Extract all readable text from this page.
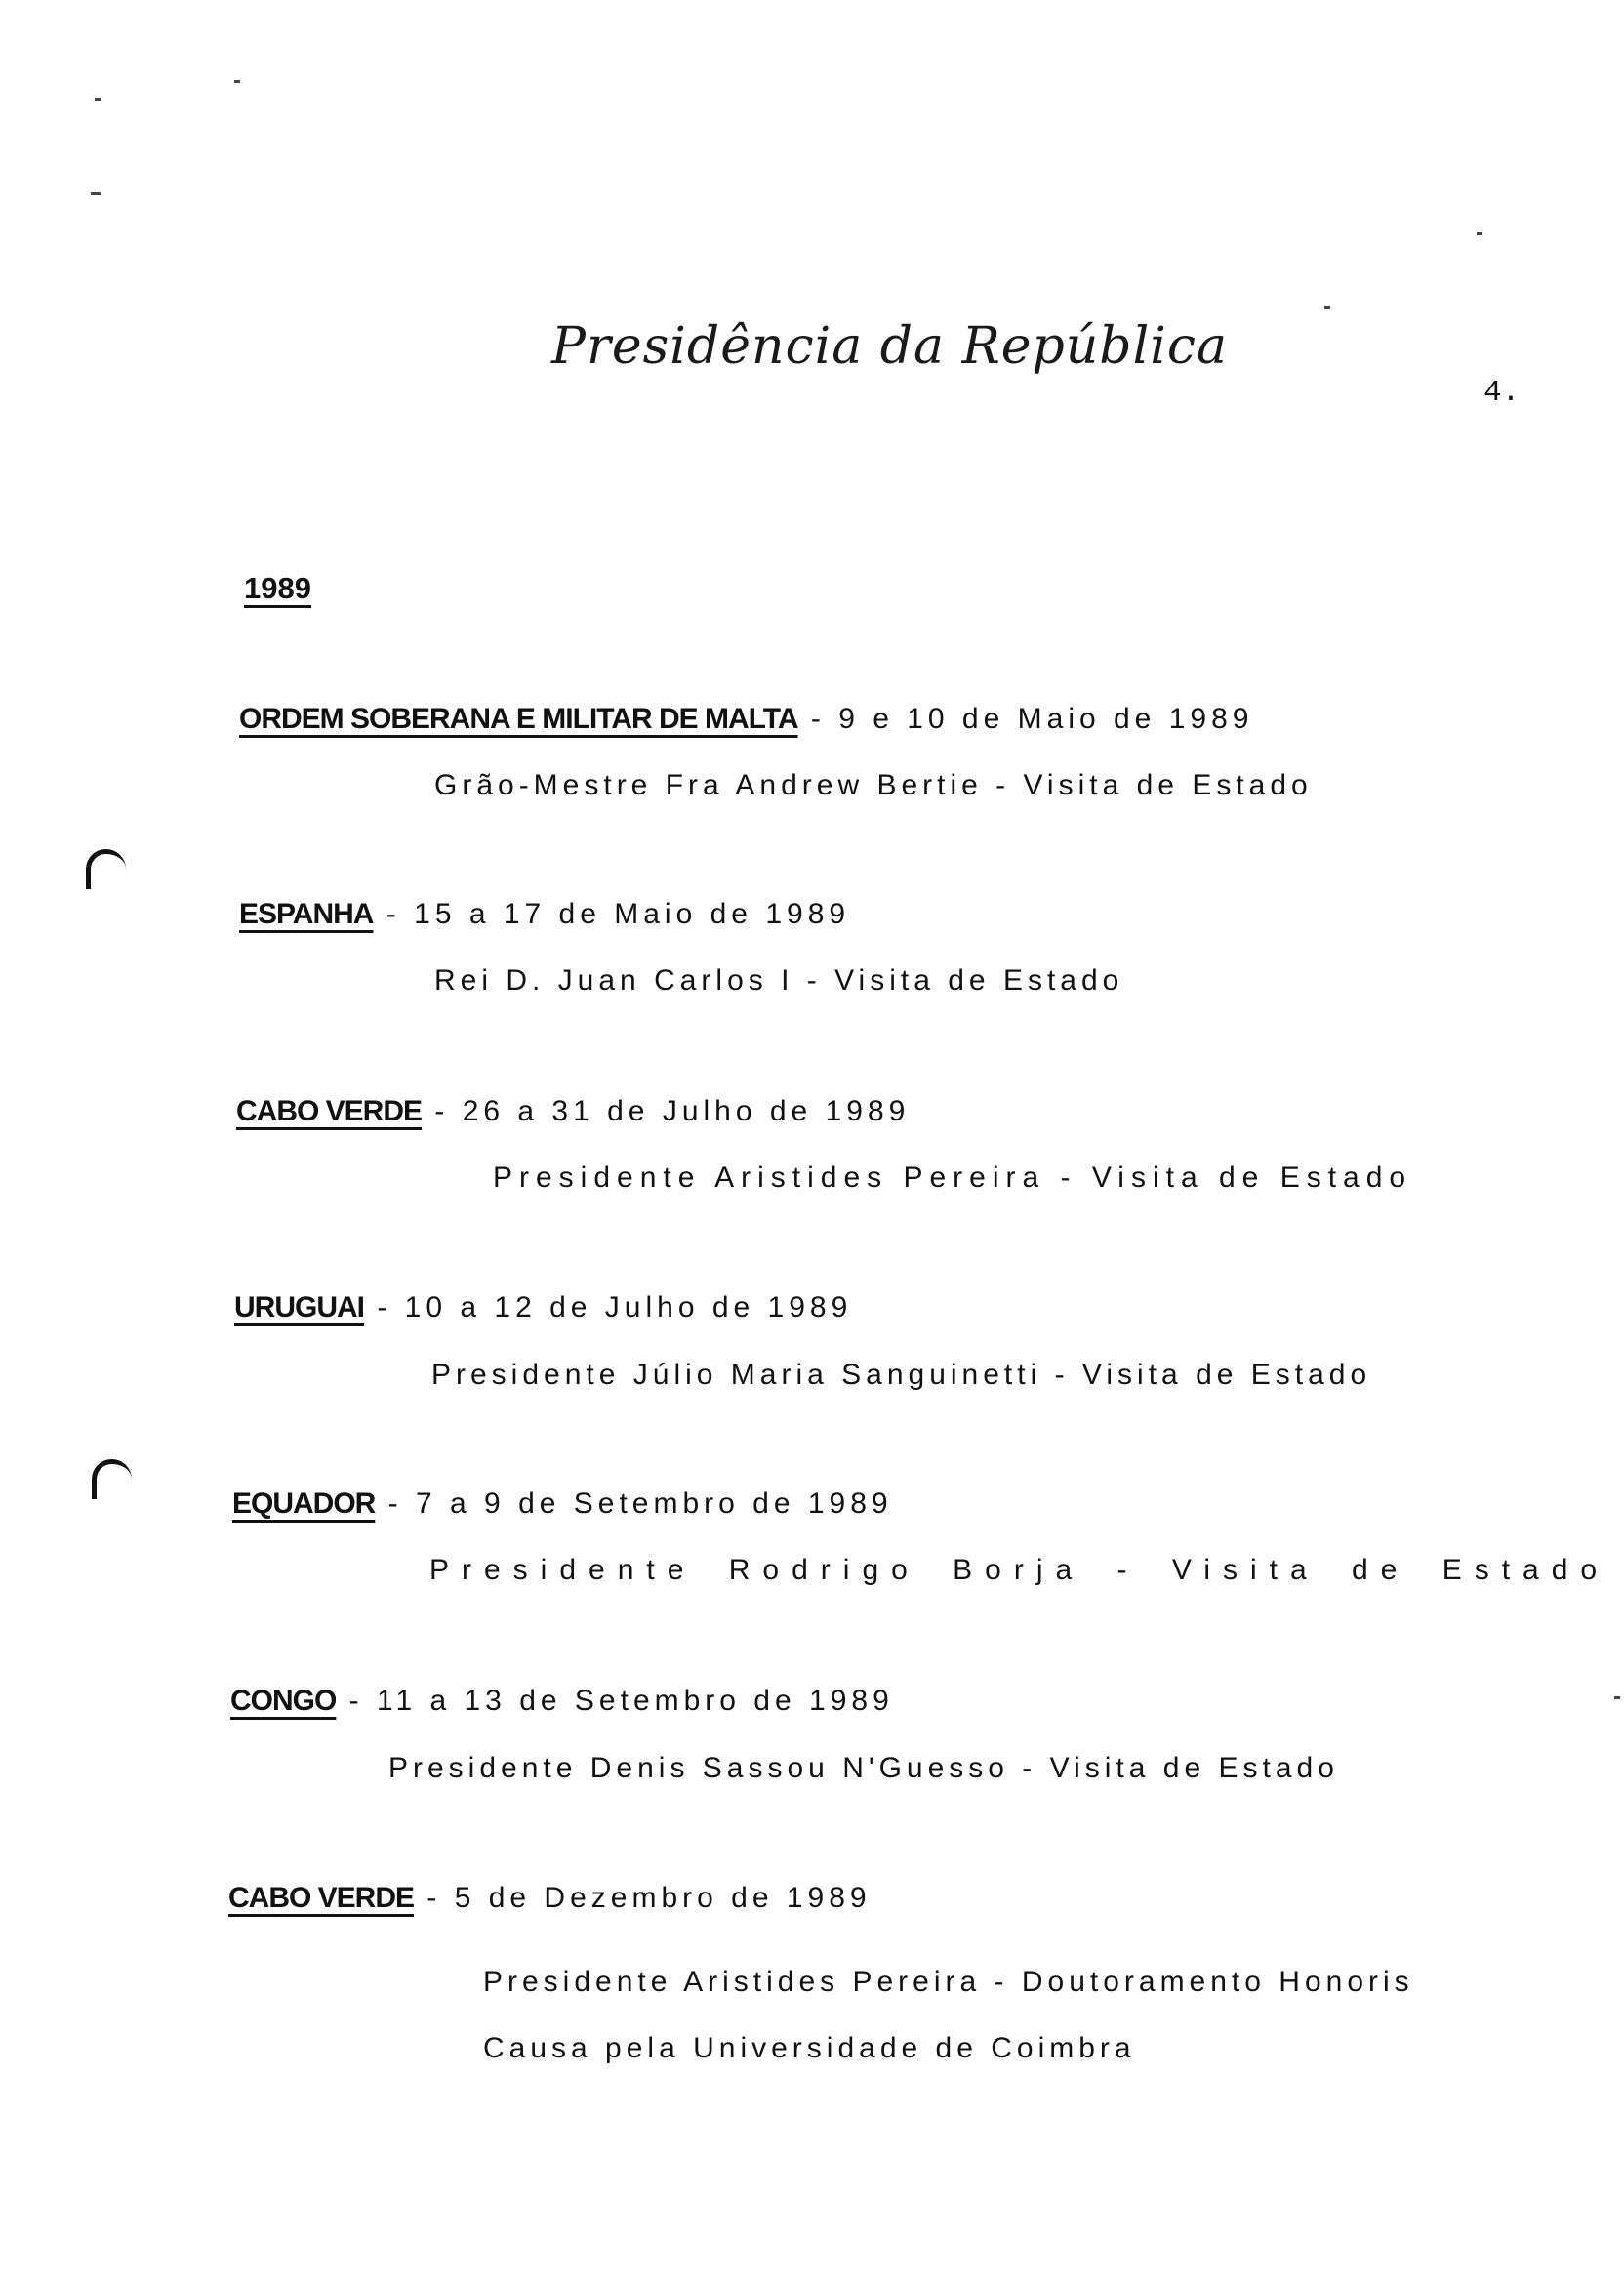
Presidência da República
4.
1989
ORDEM SOBERANA E MILITAR DE MALTA - 9 e 10 de Maio de 1989
Grão-Mestre Fra Andrew Bertie - Visita de Estado
ESPANHA - 15 a 17 de Maio de 1989
Rei D. Juan Carlos I - Visita de Estado
CABO VERDE - 26 a 31 de Julho de 1989
Presidente Aristides Pereira - Visita de Estado
URUGUAI - 10 a 12 de Julho de 1989
Presidente Júlio Maria Sanguinetti - Visita de Estado
EQUADOR - 7 a 9 de Setembro de 1989
Presidente Rodrigo Borja - Visita de Estado
CONGO - 11 a 13 de Setembro de 1989
Presidente Denis Sassou N'Guesso - Visita de Estado
CABO VERDE - 5 de Dezembro de 1989
Presidente Aristides Pereira - Doutoramento Honoris
Causa pela Universidade de Coimbra
